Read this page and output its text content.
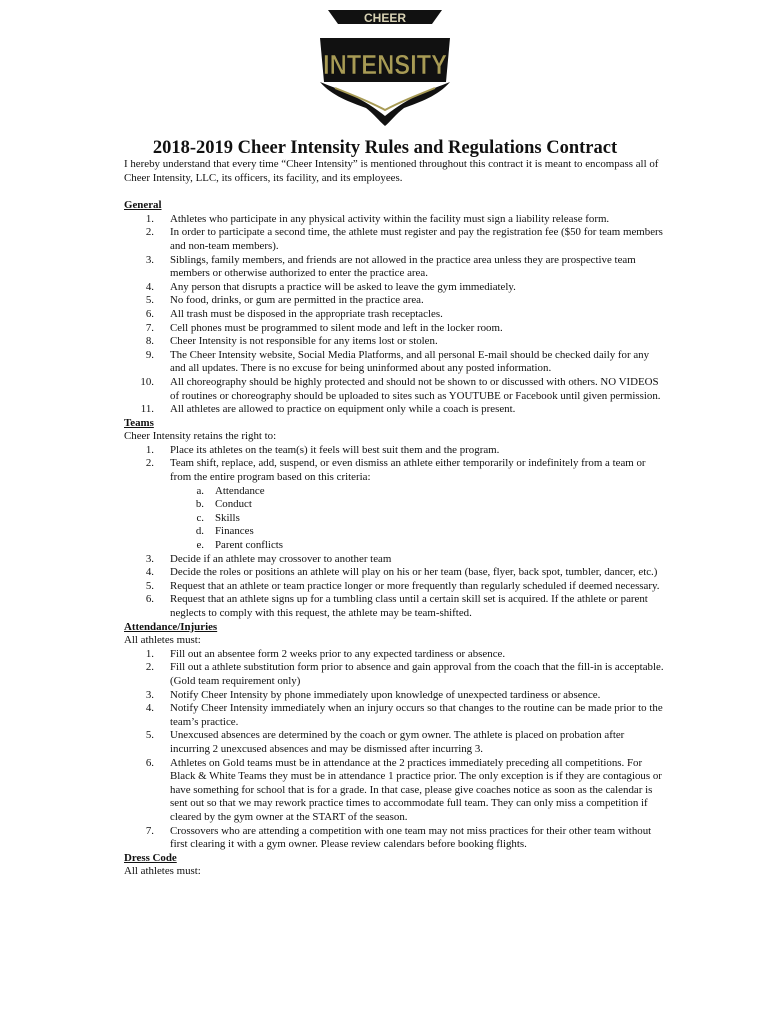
CHEER
INTENSITY
2018-2019 Cheer Intensity Rules and Regulations Contract

I hereby understand that every time “Cheer Intensity” is mentioned throughout this contract it is meant to encompass all of Cheer Intensity, LLC, its officers, its facility, and its employees.

General

1. Athletes who participate in any physical activity within the facility must sign a liability release form.
2. In order to participate a second time, the athlete must register and pay the registration fee ($50 for team members and non-team members).
3. Siblings, family members, and friends are not allowed in the practice area unless they are prospective team members or otherwise authorized to enter the practice area.
4. Any person that disrupts a practice will be asked to leave the gym immediately.
5. No food, drinks, or gum are permitted in the practice area.
6. All trash must be disposed in the appropriate trash receptacles.
7. Cell phones must be programmed to silent mode and left in the locker room.
8. Cheer Intensity is not responsible for any items lost or stolen.
9. The Cheer Intensity website, Social Media Platforms, and all personal E-mail should be checked daily for any and all updates. There is no excuse for being uninformed about any posted information.
10. All choreography should be highly protected and should not be shown to or discussed with others. NO VIDEOS of routines or choreography should be uploaded to sites such as YOUTUBE or Facebook until given permission.
11. All athletes are allowed to practice on equipment only while a coach is present.

Teams

Cheer Intensity retains the right to:

1. Place its athletes on the team(s) it feels will best suit them and the program.
2. Team shift, replace, add, suspend, or even dismiss an athlete either temporarily or indefinitely from a team or from the entire program based on this criteria:
a. Attendance
b. Conduct
c. Skills
d. Finances
e. Parent conflicts
3. Decide if an athlete may crossover to another team
4. Decide the roles or positions an athlete will play on his or her team (base, flyer, back spot, tumbler, dancer, etc.)
5. Request that an athlete or team practice longer or more frequently than regularly scheduled if deemed necessary.
6. Request that an athlete signs up for a tumbling class until a certain skill set is acquired. If the athlete or parent neglects to comply with this request, the athlete may be team-shifted.

Attendance/Injuries

All athletes must:

1. Fill out an absentee form 2 weeks prior to any expected tardiness or absence.
2. Fill out a athlete substitution form prior to absence and gain approval from the coach that the fill-in is acceptable. (Gold team requirement only)
3. Notify Cheer Intensity by phone immediately upon knowledge of unexpected tardiness or absence.
4. Notify Cheer Intensity immediately when an injury occurs so that changes to the routine can be made prior to the team’s practice.
5. Unexcused absences are determined by the coach or gym owner. The athlete is placed on probation after incurring 2 unexcused absences and may be dismissed after incurring 3.
6. Athletes on Gold teams must be in attendance at the 2 practices immediately preceding all competitions. For Black & White Teams they must be in attendance 1 practice prior. The only exception is if they are contagious or have something for school that is for a grade. In that case, please give coaches notice as soon as the calendar is sent out so that we may rework practice times to accommodate full team. They can only miss a competition if cleared by the gym owner at the START of the season.
7. Crossovers who are attending a competition with one team may not miss practices for their other team without first clearing it with a gym owner. Please review calendars before booking flights.

Dress Code

All athletes must:
